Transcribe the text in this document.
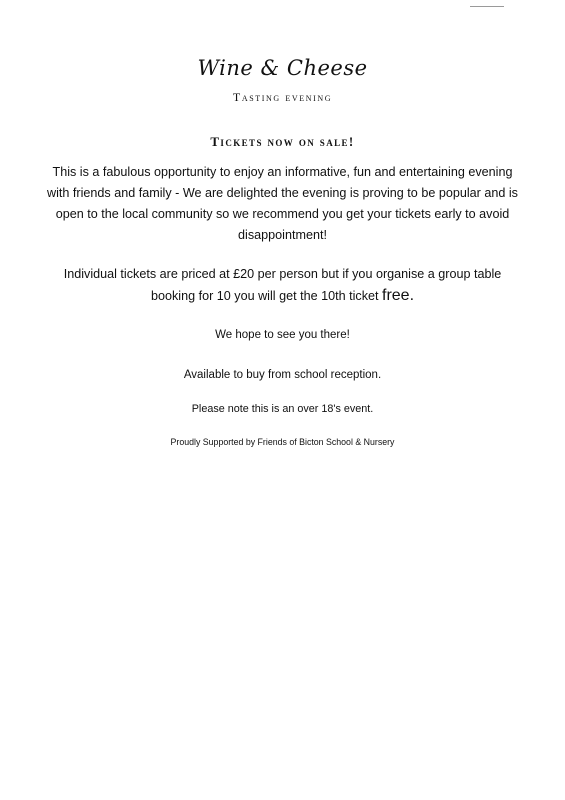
Wine & Cheese
Tasting evening
Tickets now on sale!
This is a fabulous opportunity to enjoy an informative, fun and entertaining evening with friends and family - We are delighted the evening is proving to be popular and is open to the local community so we recommend you get your tickets early to avoid disappointment!
Individual tickets are priced at £20 per person but if you organise a group table booking for 10 you will get the 10th ticket free.
We hope to see you there!
Available to buy from school reception.
Please note this is an over 18's event.
Proudly Supported by Friends of Bicton School & Nursery
